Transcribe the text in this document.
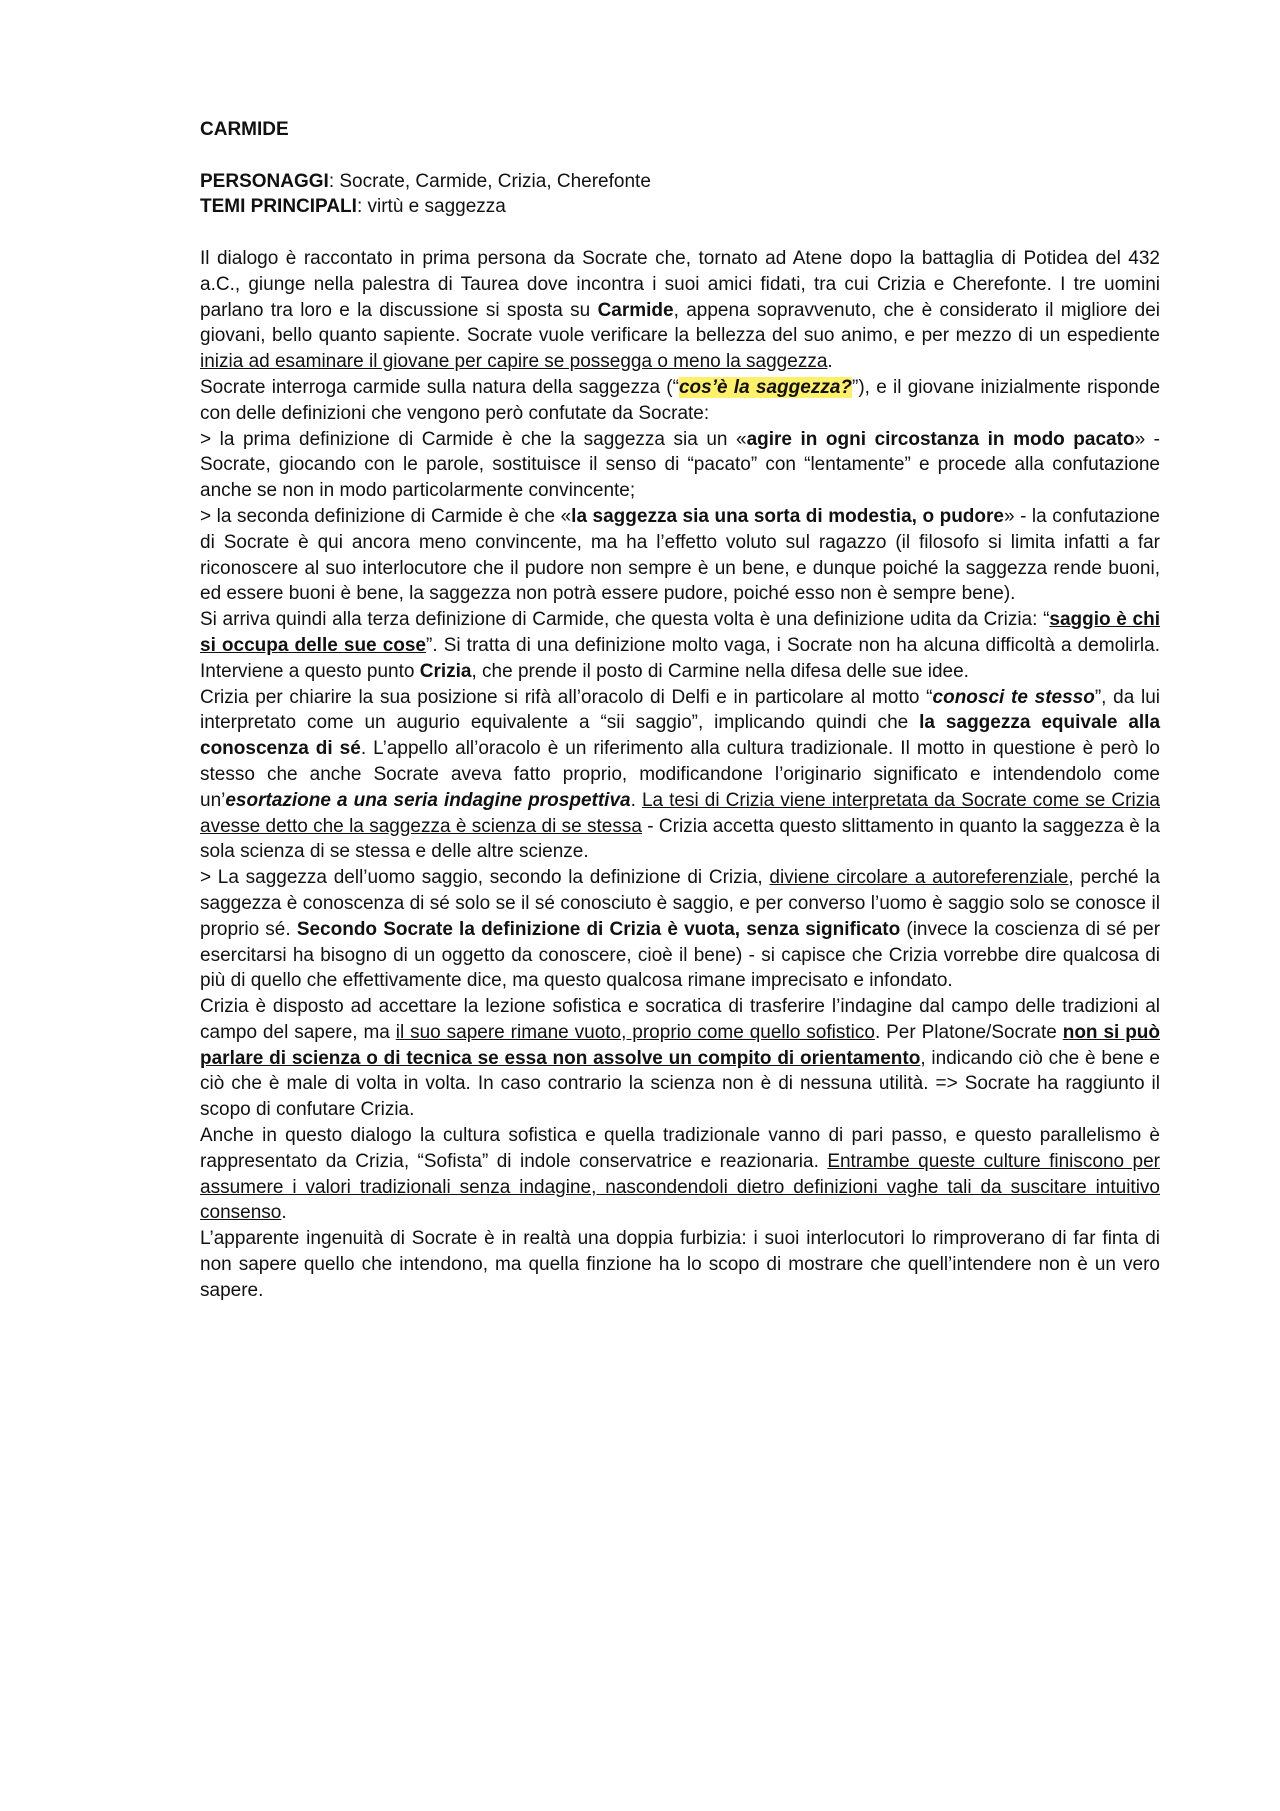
CARMIDE
PERSONAGGI: Socrate, Carmide, Crizia, Cherefonte
TEMI PRINCIPALI: virtù e saggezza

Il dialogo è raccontato in prima persona da Socrate che, tornato ad Atene dopo la battaglia di Potidea del 432 a.C., giunge nella palestra di Taurea dove incontra i suoi amici fidati, tra cui Crizia e Cherefonte. I tre uomini parlano tra loro e la discussione si sposta su Carmide, appena sopravvenuto, che è considerato il migliore dei giovani, bello quanto sapiente. Socrate vuole verificare la bellezza del suo animo, e per mezzo di un espediente inizia ad esaminare il giovane per capire se possegga o meno la saggezza.

Socrate interroga carmide sulla natura della saggezza (“cos’è la saggezza?”), e il giovane inizialmente risponde con delle definizioni che vengono però confutate da Socrate:

> la prima definizione di Carmide è che la saggezza sia un «agire in ogni circostanza in modo pacato» - Socrate, giocando con le parole, sostituisce il senso di “pacato” con “lentamente” e procede alla confutazione anche se non in modo particolarmente convincente;

> la seconda definizione di Carmide è che «la saggezza sia una sorta di modestia, o pudore» - la confutazione di Socrate è qui ancora meno convincente, ma ha l’effetto voluto sul ragazzo (il filosofo si limita infatti a far riconoscere al suo interlocutore che il pudore non sempre è un bene, e dunque poiché la saggezza rende buoni, ed essere buoni è bene, la saggezza non potrà essere pudore, poiché esso non è sempre bene).

Si arriva quindi alla terza definizione di Carmide, che questa volta è una definizione udita da Crizia: “saggio è chi si occupa delle sue cose”. Si tratta di una definizione molto vaga, i Socrate non ha alcuna difficoltà a demolirla. Interviene a questo punto Crizia, che prende il posto di Carmine nella difesa delle sue idee.

Crizia per chiarire la sua posizione si rifà all’oracolo di Delfi e in particolare al motto “conosci te stesso”, da lui interpretato come un augurio equivalente a “sii saggio”, implicando quindi che la saggezza equivale alla conoscenza di sé. L’appello all’oracolo è un riferimento alla cultura tradizionale. Il motto in questione è però lo stesso che anche Socrate aveva fatto proprio, modificandone l’originario significato e intendendolo come un’esortazione a una seria indagine prospettiva. La tesi di Crizia viene interpretata da Socrate come se Crizia avesse detto che la saggezza è scienza di se stessa - Crizia accetta questo slittamento in quanto la saggezza è la sola scienza di se stessa e delle altre scienze.

> La saggezza dell’uomo saggio, secondo la definizione di Crizia, diviene circolare a autoreferenziale, perché la saggezza è conoscenza di sé solo se il sé conosciuto è saggio, e per converso l’uomo è saggio solo se conosce il proprio sé. Secondo Socrate la definizione di Crizia è vuota, senza significato (invece la coscienza di sé per esercitarsi ha bisogno di un oggetto da conoscere, cioè il bene) - si capisce che Crizia vorrebbe dire qualcosa di più di quello che effettivamente dice, ma questo qualcosa rimane imprecisato e infondato.

Crizia è disposto ad accettare la lezione sofistica e socratica di trasferire l’indagine dal campo delle tradizioni al campo del sapere, ma il suo sapere rimane vuoto, proprio come quello sofistico. Per Platone/Socrate non si può parlare di scienza o di tecnica se essa non assolve un compito di orientamento, indicando ciò che è bene e ciò che è male di volta in volta. In caso contrario la scienza non è di nessuna utilità. => Socrate ha raggiunto il scopo di confutare Crizia.

Anche in questo dialogo la cultura sofistica e quella tradizionale vanno di pari passo, e questo parallelismo è rappresentato da Crizia, “Sofista” di indole conservatrice e reazionaria. Entrambe queste culture finiscono per assumere i valori tradizionali senza indagine, nascondendoli dietro definizioni vaghe tali da suscitare intuitivo consenso.

L’apparente ingenuità di Socrate è in realtà una doppia furbizia: i suoi interlocutori lo rimproverano di far finta di non sapere quello che intendono, ma quella finzione ha lo scopo di mostrare che quell’intendere non è un vero sapere.
